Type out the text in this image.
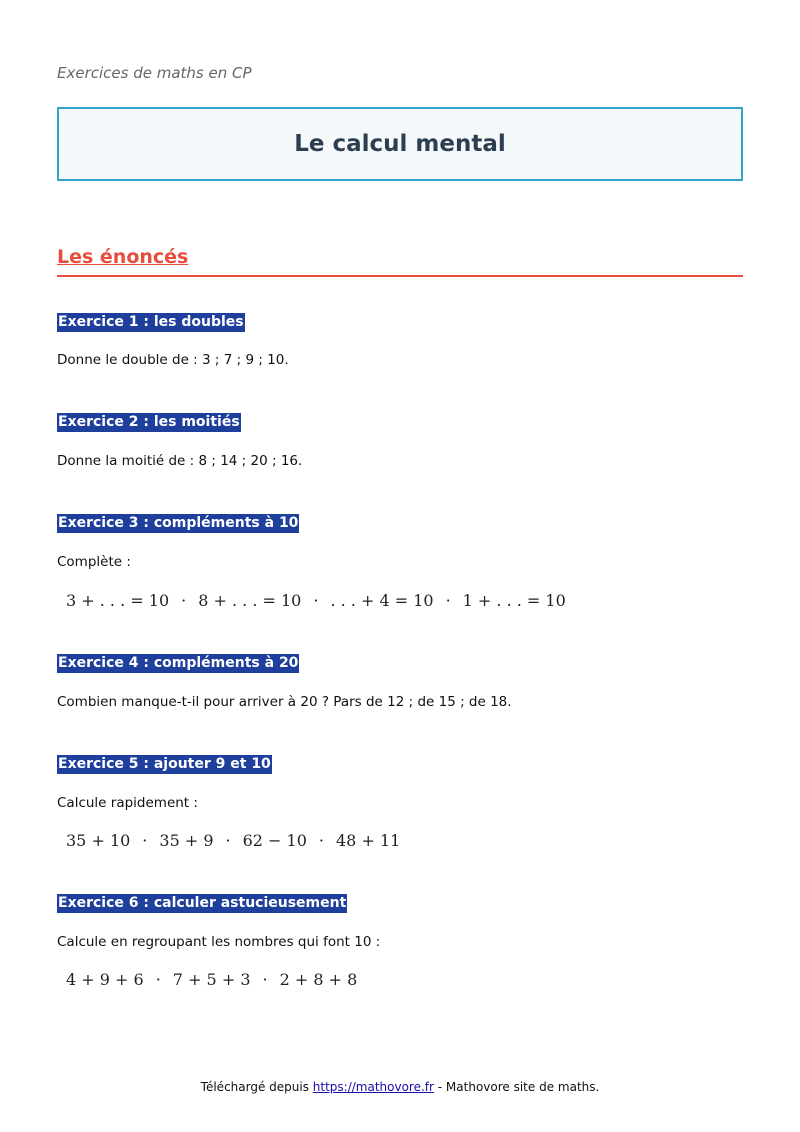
Exercices de maths en CP
Le calcul mental
Les énoncés
Exercice 1 : les doubles
Donne le double de : 3 ; 7 ; 9 ; 10.
Exercice 2 : les moitiés
Donne la moitié de : 8 ; 14 ; 20 ; 16.
Exercice 3 : compléments à 10
Complète :
3 + . . . = 10 · 8 + . . . = 10 · . . . + 4 = 10 · 1 + . . . = 10
Exercice 4 : compléments à 20
Combien manque-t-il pour arriver à 20 ? Pars de 12 ; de 15 ; de 18.
Exercice 5 : ajouter 9 et 10
Calcule rapidement :
35 + 10 · 35 + 9 · 62 − 10 · 48 + 11
Exercice 6 : calculer astucieusement
Calcule en regroupant les nombres qui font 10 :
4 + 9 + 6 · 7 + 5 + 3 · 2 + 8 + 8
Téléchargé depuis https://mathovore.fr - Mathovore site de maths.
